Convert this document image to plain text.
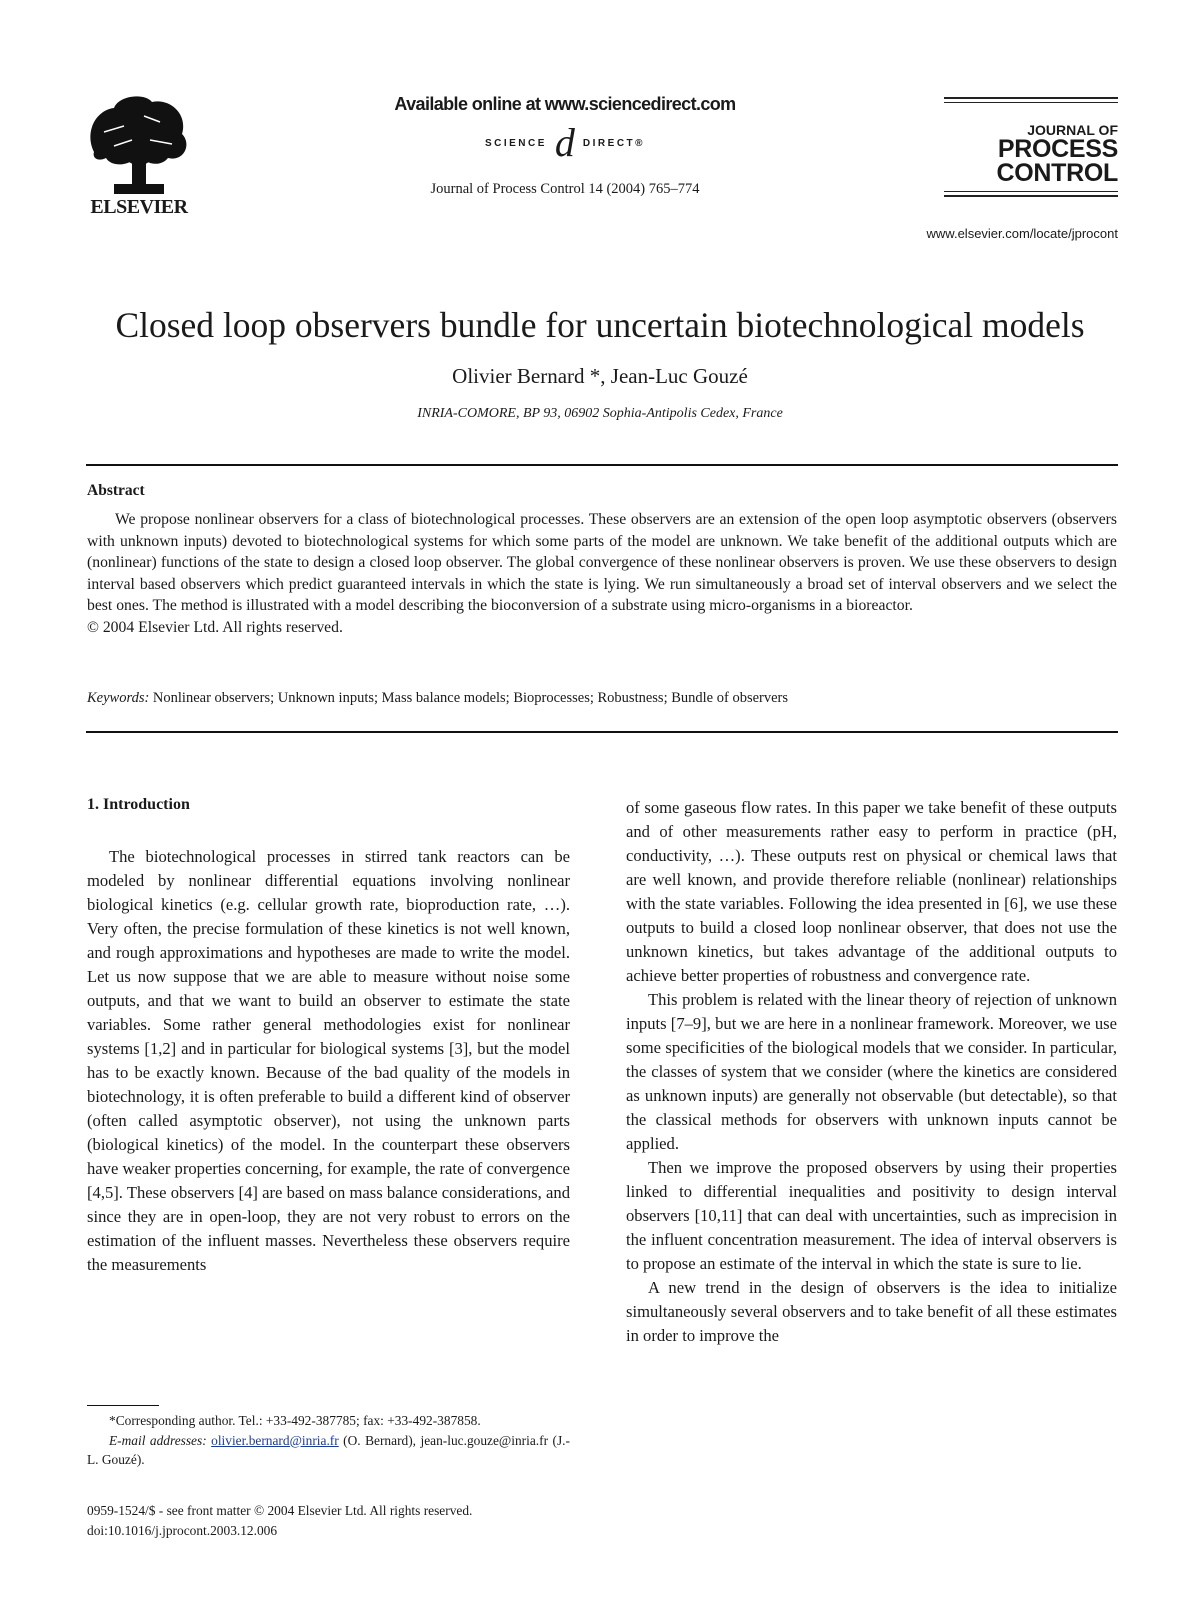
ELSEVIER
Available online at www.sciencedirect.com
SCIENCE d DIRECT®
Journal of Process Control 14 (2004) 765–774
JOURNAL OF
PROCESS
CONTROL
www.elsevier.com/locate/jprocont
Closed loop observers bundle for uncertain biotechnological models
Olivier Bernard *, Jean-Luc Gouzé
INRIA-COMORE, BP 93, 06902 Sophia-Antipolis Cedex, France
Abstract
We propose nonlinear observers for a class of biotechnological processes. These observers are an extension of the open loop asymptotic observers (observers with unknown inputs) devoted to biotechnological systems for which some parts of the model are unknown. We take benefit of the additional outputs which are (nonlinear) functions of the state to design a closed loop observer. The global convergence of these nonlinear observers is proven. We use these observers to design interval based observers which predict guaranteed intervals in which the state is lying. We run simultaneously a broad set of interval observers and we select the best ones. The method is illustrated with a model describing the bioconversion of a substrate using micro-organisms in a bioreactor.
© 2004 Elsevier Ltd. All rights reserved.
Keywords: Nonlinear observers; Unknown inputs; Mass balance models; Bioprocesses; Robustness; Bundle of observers
1. Introduction

The biotechnological processes in stirred tank reactors can be modeled by nonlinear differential equations involving nonlinear biological kinetics (e.g. cellular growth rate, bioproduction rate, …). Very often, the precise formulation of these kinetics is not well known, and rough approximations and hypotheses are made to write the model. Let us now suppose that we are able to measure without noise some outputs, and that we want to build an observer to estimate the state variables. Some rather general methodologies exist for nonlinear systems [1,2] and in particular for biological systems [3], but the model has to be exactly known. Because of the bad quality of the models in biotechnology, it is often preferable to build a different kind of observer (often called asymptotic observer), not using the unknown parts (biological kinetics) of the model. In the counterpart these observers have weaker properties concerning, for example, the rate of convergence [4,5]. These observers [4] are based on mass balance considerations, and since they are in open-loop, they are not very robust to errors on the estimation of the influent masses. Nevertheless these observers require the measurements

of some gaseous flow rates. In this paper we take benefit of these outputs and of other measurements rather easy to perform in practice (pH, conductivity, …). These outputs rest on physical or chemical laws that are well known, and provide therefore reliable (nonlinear) relationships with the state variables. Following the idea presented in [6], we use these outputs to build a closed loop nonlinear observer, that does not use the unknown kinetics, but takes advantage of the additional outputs to achieve better properties of robustness and convergence rate.

This problem is related with the linear theory of rejection of unknown inputs [7–9], but we are here in a nonlinear framework. Moreover, we use some specificities of the biological models that we consider. In particular, the classes of system that we consider (where the kinetics are considered as unknown inputs) are generally not observable (but detectable), so that the classical methods for observers with unknown inputs cannot be applied.

Then we improve the proposed observers by using their properties linked to differential inequalities and positivity to design interval observers [10,11] that can deal with uncertainties, such as imprecision in the influent concentration measurement. The idea of interval observers is to propose an estimate of the interval in which the state is sure to lie.

A new trend in the design of observers is the idea to initialize simultaneously several observers and to take benefit of all these estimates in order to improve the

*Corresponding author. Tel.: +33-492-387785; fax: +33-492-387858.

E-mail addresses: olivier.bernard@inria.fr (O. Bernard), jean-luc.gouze@inria.fr (J.-L. Gouzé).

0959-1524/$ - see front matter © 2004 Elsevier Ltd. All rights reserved.
doi:10.1016/j.jprocont.2003.12.006
